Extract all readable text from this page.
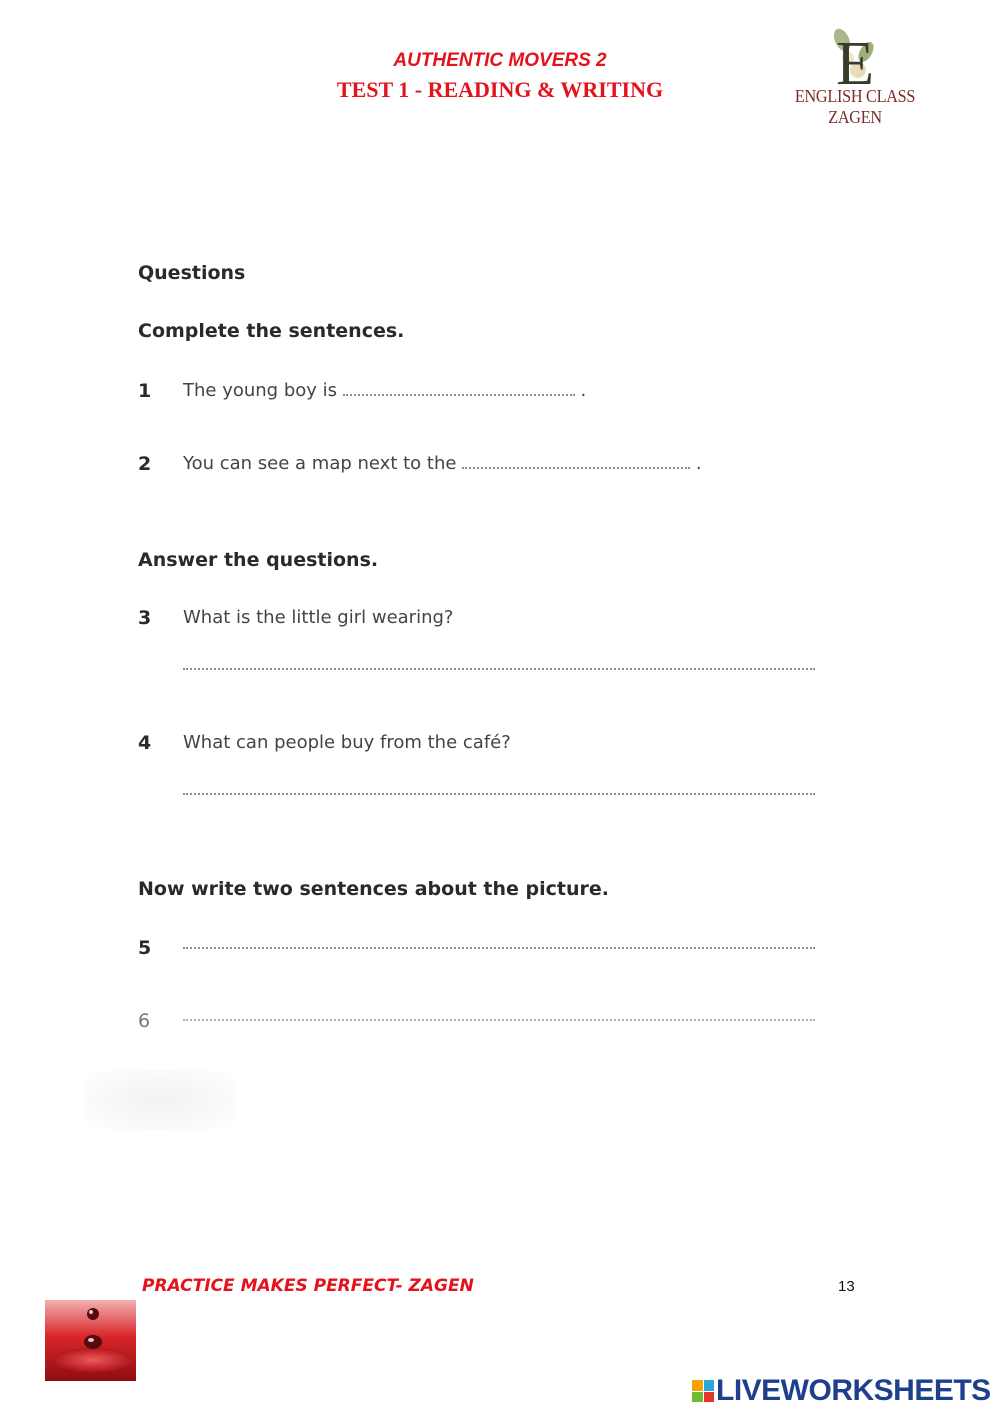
AUTHENTIC MOVERS 2
TEST 1 - READING & WRITING	E
ENGLISH CLASS ZAGEN
Questions
Complete the sentences.
1 The young boy is	.
2 You can see a map next to the	.
Answer the questions.
3 What is the little girl wearing?
4 What can people buy from the café?
Now write two sentences about the picture.
5
6

PRACTICE MAKES PERFECT- ZAGEN	13
LIVEWORKSHEETS
